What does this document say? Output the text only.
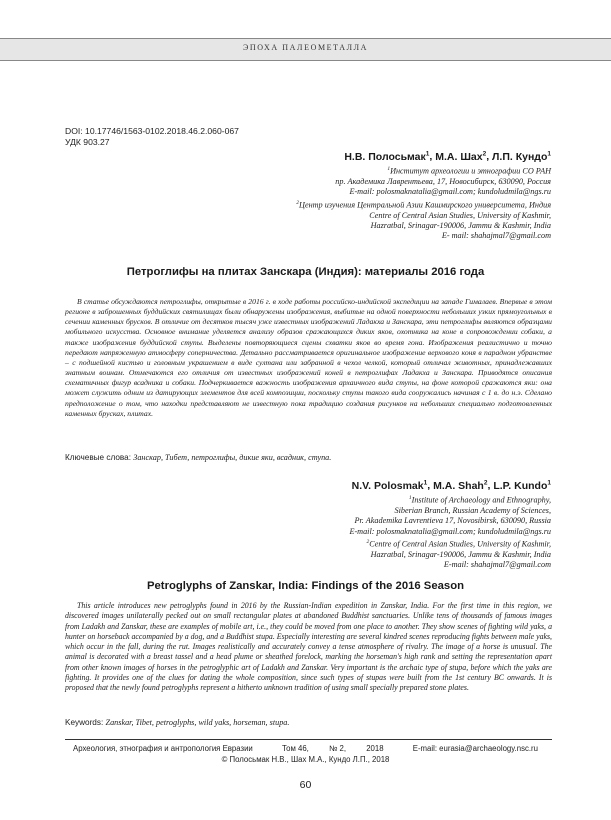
ЭПОХА ПАЛЕОМЕТАЛЛА
DOI: 10.17746/1563-0102.2018.46.2.060-067
УДК 903.27
Н.В. Полосьмак$^1$, М.А. Шах$^2$, Л.П. Кундо$^1$
$^1$Институт археологии и этнографии СО РАН
пр. Академика Лаврентьева, 17, Новосибирск, 630090, Россия
E-mail: polosmaknatalia@gmail.com; kundoludmila@ngs.ru
$^2$Центр изучения Центральной Азии Кашмирского университета, Индия
Centre of Central Asian Studies, University of Kashmir,
Hazratbal, Srinagar-190006, Jammu & Kashmir, India
E- mail: shahajmal7@gmail.com
Петроглифы на плитах Занскара (Индия): материалы 2016 года
В статье обсуждаются петроглифы, открытые в 2016 г. в ходе работы российско-индийской экспедиции на западе Гималаев. Впервые в этом регионе в заброшенных буддийских святилищах были обнаружены изображения, выбитые на одной поверхности небольших узких прямоугольных в сечении каменных брусков. В отличие от десятков тысяч уже известных изображений Ладакха и Занскара, эти петроглифы являются образцами мобильного искусства. Основное внимание уделяется анализу образов сражающихся диких яков, охотника на коне в сопровождении собаки, а также изображения буддийской ступы. Выделены повторяющиеся сцены схватки яков во время гона. Изображения реалистично и точно передают напряженную атмосферу соперничества. Детально рассматривается оригинальное изображение верхового коня в парадном убранстве – с подшейной кистью и головным украшением в виде султана или забранной в чехол челкой, который отличал животных, принадлежавших знатным воинам. Отмечаются его отличия от известных изображений коней в петроглифах Ладакха и Занскара. Приводятся описания схематичных фигур всадника и собаки. Подчеркивается важность изображения архаичного вида ступы, на фоне которой сражаются яки: она может служить одним из датирующих элементов для всей композиции, поскольку ступы такого вида сооружались начиная с 1 в. до н.э. Сделано предположение о том, что находки представляют не известную пока традицию создания рисунков на небольших специально подготовленных каменных брусках, плитах.
Ключевые слова: Занскар, Тибет, петроглифы, дикие яки, всадник, ступа.
N.V. Polosmak$^1$, M.A. Shah$^2$, L.P. Kundo$^1$
$^1$Institute of Archaeology and Ethnography,
Siberian Branch, Russian Academy of Sciences,
Pr. Akademika Lavrentieva 17, Novosibirsk, 630090, Russia
E-mail: polosmaknatalia@gmail.com; kundoludmila@ngs.ru
$^2$Centre of Central Asian Studies, University of Kashmir,
Hazratbal, Srinagar-190006, Jammu & Kashmir, India
E-mail: shahajmal7@gmail.com
Petroglyphs of Zanskar, India: Findings of the 2016 Season
This article introduces new petroglyphs found in 2016 by the Russian-Indian expedition in Zanskar, India. For the first time in this region, we discovered images unilaterally pecked out on small rectangular plates at abandoned Buddhist sanctuaries. Unlike tens of thousands of famous images from Ladakh and Zanskar, these are examples of mobile art, i.e., they could be moved from one place to another. They show scenes of fighting wild yaks, a hunter on horseback accompanied by a dog, and a Buddhist stupa. Especially interesting are several kindred scenes reproducing fights between male yaks, which occur in the fall, during the rut. Images realistically and accurately convey a tense atmosphere of rivalry. The image of a horse is unusual. The animal is decorated with a breast tassel and a head plume or sheathed forelock, marking the horseman's high rank and setting the representation apart from other known images of horses in the petroglyphic art of Ladakh and Zanskar. Very important is the archaic type of stupa, before which the yaks are fighting. It provides one of the clues for dating the whole composition, since such types of stupas were built from the 1st century BC onwards. It is proposed that the newly found petroglyphs represent a hitherto unknown tradition of using small specially prepared stone plates.
Keywords: Zanskar, Tibet, petroglyphs, wild yaks, horseman, stupa.
Археология, этнография и антропология Евразии	Том 46,	№ 2,	2018	E-mail: eurasia@archaeology.nsc.ru
© Полосьмак Н.В., Шах М.А., Кундо Л.П., 2018
60
